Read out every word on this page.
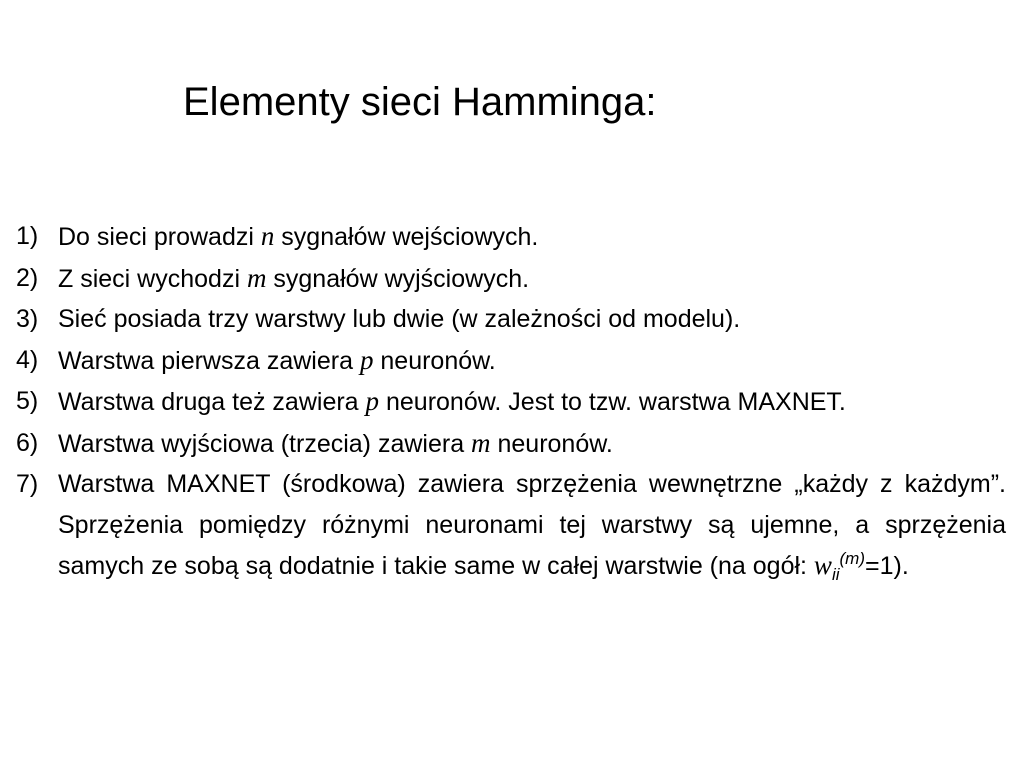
Elementy sieci Hamminga:
1) Do sieci prowadzi n sygnałów wejściowych.
2) Z sieci wychodzi m sygnałów wyjściowych.
3) Sieć posiada trzy warstwy lub dwie (w zależności od modelu).
4) Warstwa pierwsza zawiera p neuronów.
5) Warstwa druga też zawiera p neuronów. Jest to tzw. warstwa MAXNET.
6) Warstwa wyjściowa (trzecia) zawiera m neuronów.
7) Warstwa MAXNET (środkowa) zawiera sprzężenia wewnętrzne „każdy z każdym”. Sprzężenia pomiędzy różnymi neuronami tej warstwy są ujemne, a sprzężenia samych ze sobą są dodatnie i takie same w całej warstwie (na ogół: $w_{ii}^{(m)}=1$).
